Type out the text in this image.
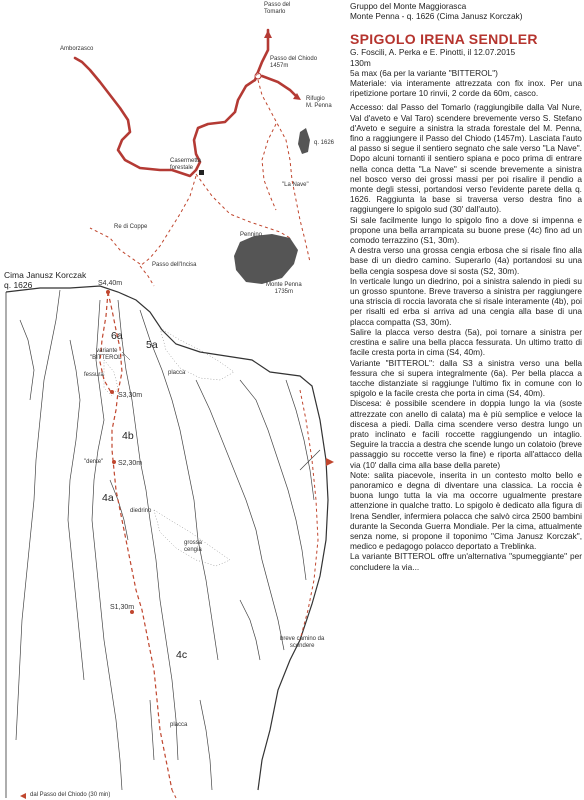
Passo del
Tomarlo
Amborzasco
Passo del Chiodo
1457m
P
Rifugio
M. Penna
q. 1626
Casermetta
forestale
"La Nave"
Re di Coppe
Passo dell'Incisa
Pennino
Monte Penna
1735m
Cima Janusz Korczak
q. 1626	S4,40m
6a
5a
variante
"BITTEROL"
fessura	placca
S3,30m
4b
"dente" S2,30m
4a
diedrino
grossa
cengia
S1,30m
breve camino da
scendere
4c
placca
dal Passo del Chiodo (30 min)
Gruppo del Monte Maggiorasca
Monte Penna - q. 1626 (Cima Janusz Korczak)
SPIGOLO IRENA SENDLER
G. Foscili, A. Perka e E. Pinotti, il 12.07.2015
130m
5a max (6a per la variante "BITTEROL")
Materiale: via interamente attrezzata con fix inox. Per una ripetizione portare 10 rinvii, 2 corde da 60m, casco.
Accesso: dal Passo del Tomarlo (raggiungibile dalla Val Nure, Val d'aveto e Val Taro) scendere brevemente verso S. Stefano d'Aveto e seguire a sinistra la strada forestale del M. Penna, fino a raggiungere il Passo del Chiodo (1457m). Lasciata l'auto al passo si segue il sentiero segnato che sale verso "La Nave". Dopo alcuni tornanti il sentiero spiana e poco prima di entrare nella conca detta "La Nave" si scende brevemente a sinistra nel bosco verso dei grossi massi per poi risalire il pendio a monte degli stessi, portandosi verso l'evidente parete della q. 1626. Raggiunta la base si traversa verso destra fino a raggiungere lo spigolo sud (30' dall'auto).
Si sale facilmente lungo lo spigolo fino a dove si impenna e propone una bella arrampicata su buone prese (4c) fino ad un comodo terrazzino (S1, 30m).
A destra verso una grossa cengia erbosa che si risale fino alla base di un diedro camino. Superarlo (4a) portandosi su una bella cengia sospesa dove si sosta (S2, 30m).
In verticale lungo un diedrino, poi a sinistra salendo in piedi su un grosso spuntone. Breve traverso a sinistra per raggiungere una striscia di roccia lavorata che si risale interamente (4b), poi per risalti ed erba si arriva ad una cengia alla base di una placca compatta (S3, 30m).
Salire la placca verso destra (5a), poi tornare a sinistra per crestina e salire una bella placca fessurata. Un ultimo tratto di facile cresta porta in cima (S4, 40m).
Variante "BITTEROL": dalla S3 a sinistra verso una bella fessura che si supera integralmente (6a). Per bella placca a tacche distanziate si raggiunge l'ultimo fix in comune con lo spigolo e la facile cresta che porta in cima (S4, 40m).
Discesa: è possibile scendere in doppia lungo la via (soste attrezzate con anello di calata) ma è più semplice e veloce la discesa a piedi. Dalla cima scendere verso destra lungo un prato inclinato e facili roccette raggiungendo un intaglio. Seguire la traccia a destra che scende lungo un colatoio (breve passaggio su roccette verso la fine) e riporta all'attacco della via (10' dalla cima alla base della parete)
Note: salita piacevole, inserita in un contesto molto bello e panoramico e degna di diventare una classica. La roccia è buona lungo tutta la via ma occorre ugualmente prestare attenzione in qualche tratto. Lo spigolo è dedicato alla figura di Irena Sendler, infermiera polacca che salvò circa 2500 bambini durante la Seconda Guerra Mondiale. Per la cima, attualmente senza nome, si propone il toponimo "Cima Janusz Korczak", medico e pedagogo polacco deportato a Treblinka.
La variante BITTEROL offre un'alternativa "spumeggiante" per concludere la via...
